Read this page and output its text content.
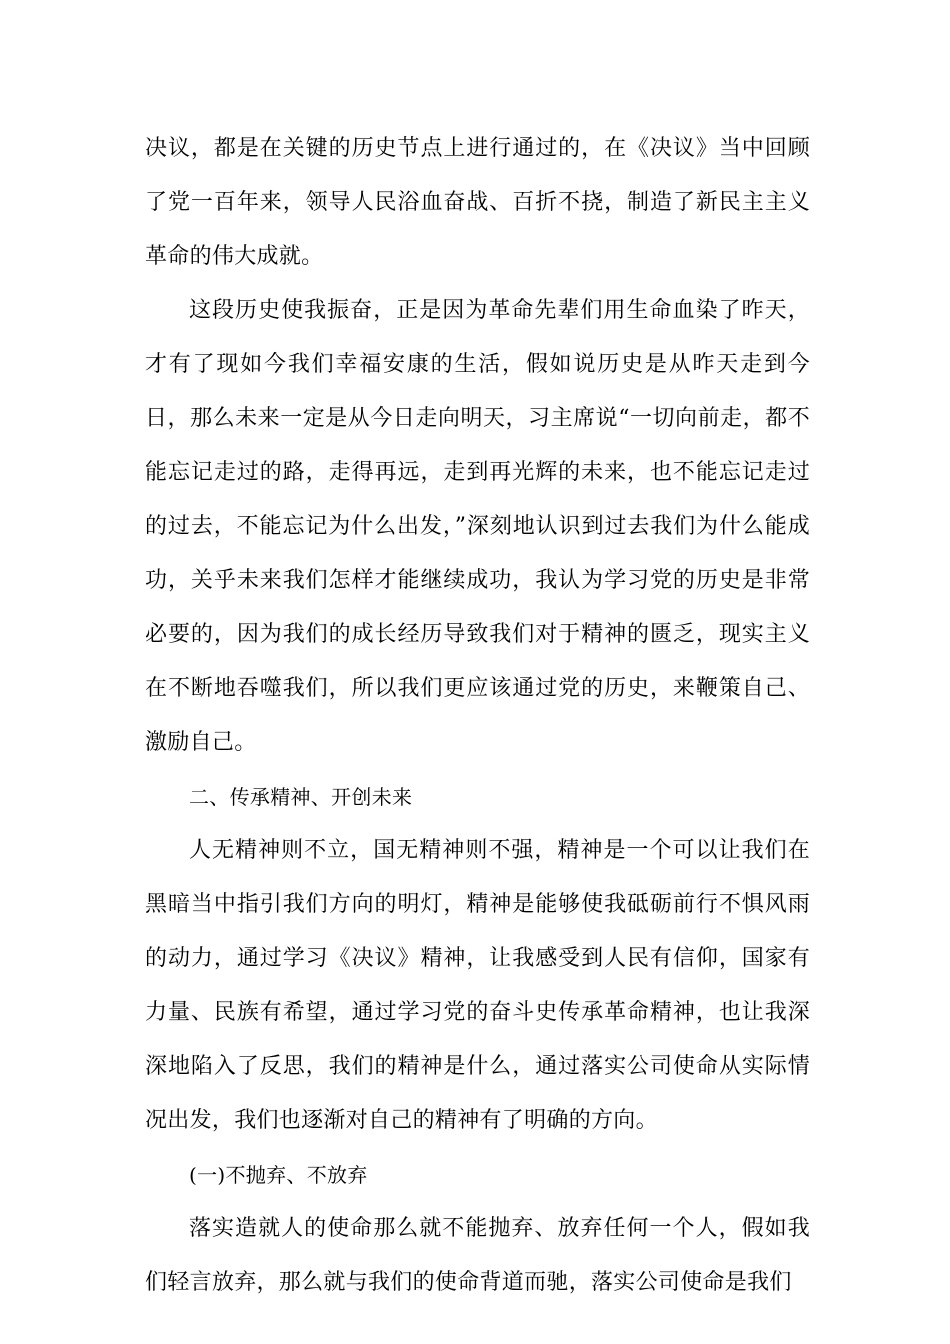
决议，都是在关键的历史节点上进行通过的，在《决议》当中回顾了党一百年来，领导人民浴血奋战、百折不挠，制造了新民主主义革命的伟大成就。

这段历史使我振奋，正是因为革命先辈们用生命血染了昨天，才有了现如今我们幸福安康的生活，假如说历史是从昨天走到今日，那么未来一定是从今日走向明天，习主席说“一切向前走，都不能忘记走过的路，走得再远，走到再光辉的未来，也不能忘记走过的过去，不能忘记为什么出发，”深刻地认识到过去我们为什么能成功，关乎未来我们怎样才能继续成功，我认为学习党的历史是非常必要的，因为我们的成长经历导致我们对于精神的匮乏，现实主义在不断地吞噬我们，所以我们更应该通过党的历史，来鞭策自己、激励自己。

二、传承精神、开创未来

人无精神则不立，国无精神则不强，精神是一个可以让我们在黑暗当中指引我们方向的明灯，精神是能够使我砥砺前行不惧风雨的动力，通过学习《决议》精神，让我感受到人民有信仰，国家有力量、民族有希望，通过学习党的奋斗史传承革命精神，也让我深深地陷入了反思，我们的精神是什么，通过落实公司使命从实际情况出发，我们也逐渐对自己的精神有了明确的方向。

(一)不抛弃、不放弃

落实造就人的使命那么就不能抛弃、放弃任何一个人，假如我们轻言放弃，那么就与我们的使命背道而驰，落实公司使命是我们
